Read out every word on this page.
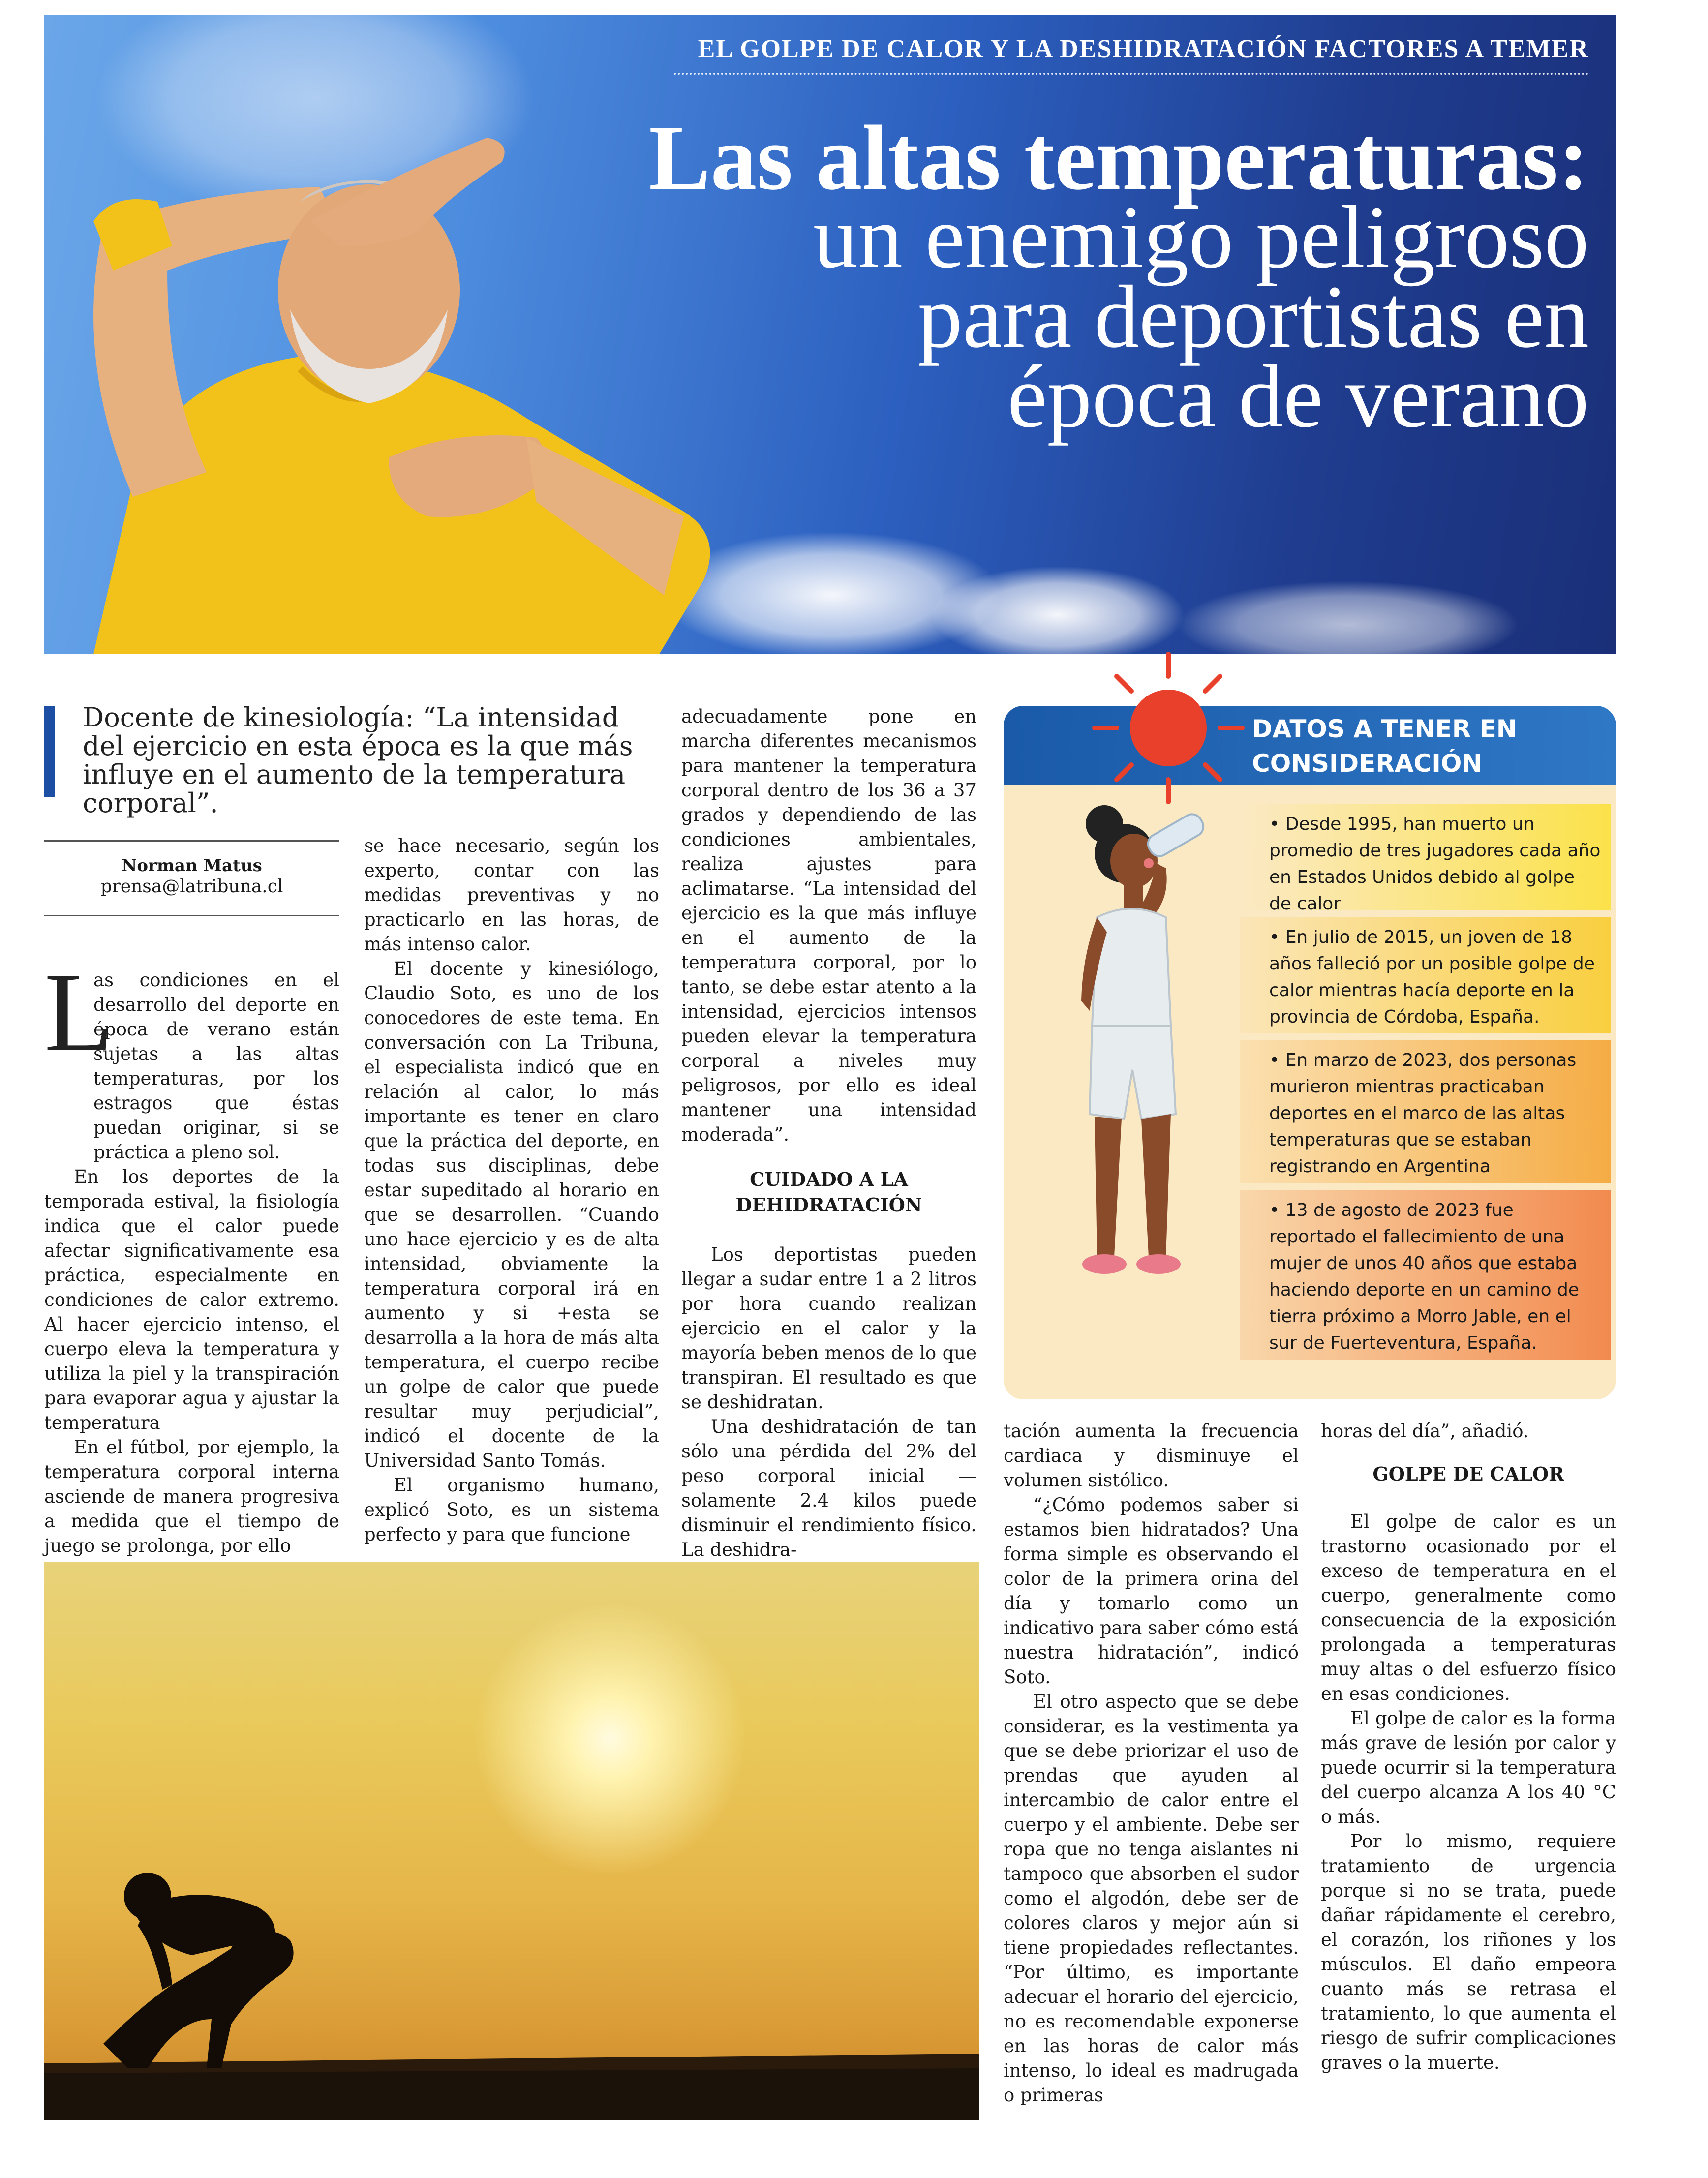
EL GOLPE DE CALOR Y LA DESHIDRATACIÓN FACTORES A TEMER
Las altas temperaturas:
un enemigo peligroso
para deportistas en
época de verano
Docente de kinesiología: “La intensidad del ejercicio en esta época es la que más influye en el aumento de la temperatura corporal”.
Norman Matus
prensa@latribuna.cl
L

as condiciones en el desarrollo del deporte en época de verano están sujetas a las altas temperaturas, por los estragos que éstas puedan originar, si se práctica a pleno sol.

En los deportes de la temporada estival, la fisiología indica que el calor puede afectar significativamente esa práctica, especialmente en condiciones de calor extremo. Al hacer ejercicio intenso, el cuerpo eleva la temperatura y utiliza la piel y la transpiración para evaporar agua y ajustar la temperatura

En el fútbol, por ejemplo, la temperatura corporal interna asciende de manera progresiva a medida que el tiempo de juego se prolonga, por ello

se hace necesario, según los experto, contar con las medidas preventivas y no practicarlo en las horas, de más intenso calor.

El docente y kinesiólogo, Claudio Soto, es uno de los conocedores de este tema. En conversación con La Tribuna, el especialista indicó que en relación al calor, lo más importante es tener en claro que la práctica del deporte, en todas sus disciplinas, debe estar supeditado al horario en que se desarrollen. “Cuando uno hace ejercicio y es de alta intensidad, obviamente la temperatura corporal irá en aumento y si +esta se desarrolla a la hora de más alta temperatura, el cuerpo recibe un golpe de calor que puede resultar muy perjudicial”, indicó el docente de la Universidad Santo Tomás.

El organismo humano, explicó Soto, es un sistema perfecto y para que funcione

adecuadamente pone en marcha diferentes mecanismos para mantener la temperatura corporal dentro de los 36 a 37 grados y dependiendo de las condiciones ambientales, realiza ajustes para aclimatarse. “La intensidad del ejercicio es la que más influye en el aumento de la temperatura corporal, por lo tanto, se debe estar atento a la intensidad, ejercicios intensos pueden elevar la temperatura corporal a niveles muy peligrosos, por ello es ideal mantener una intensidad moderada”.

CUIDADO A LA DEHIDRATACIÓN

Los deportistas pueden llegar a sudar entre 1 a 2 litros por hora cuando realizan ejercicio en el calor y la mayoría beben menos de lo que transpiran. El resultado es que se deshidratan.

Una deshidratación de tan sólo una pérdida del 2% del peso corporal inicial — solamente 2.4 kilos puede disminuir el rendimiento físico. La deshidra-

tación aumenta la frecuencia cardiaca y disminuye el volumen sistólico.

“¿Cómo podemos saber si estamos bien hidratados? Una forma simple es observando el color de la primera orina del día y tomarlo como un indicativo para saber cómo está nuestra hidratación”, indicó Soto.

El otro aspecto que se debe considerar, es la vestimenta ya que se debe priorizar el uso de prendas que ayuden al intercambio de calor entre el cuerpo y el ambiente. Debe ser ropa que no tenga aislantes ni tampoco que absorben el sudor como el algodón, debe ser de colores claros y mejor aún si tiene propiedades reflectantes. “Por último, es importante adecuar el horario del ejercicio, no es recomendable exponerse en las horas de calor más intenso, lo ideal es madrugada o primeras

horas del día”, añadió.

GOLPE DE CALOR

El golpe de calor es un trastorno ocasionado por el exceso de temperatura en el cuerpo, generalmente como consecuencia de la exposición prolongada a temperaturas muy altas o del esfuerzo físico en esas condiciones.

El golpe de calor es la forma más grave de lesión por calor y puede ocurrir si la temperatura del cuerpo alcanza A los 40 °C o más.

Por lo mismo, requiere tratamiento de urgencia porque si no se trata, puede dañar rápidamente el cerebro, el corazón, los riñones y los músculos. El daño empeora cuanto más se retrasa el tratamiento, lo que aumenta el riesgo de sufrir complicaciones graves o la muerte.

DATOS A TENER EN CONSIDERACIÓN
• Desde 1995, han muerto un promedio de tres jugadores cada año en Estados Unidos debido al golpe de calor
• En julio de 2015, un joven de 18 años falleció por un posible golpe de calor mientras hacía deporte en la provincia de Córdoba, España.
• En marzo de 2023, dos personas murieron mientras practicaban deportes en el marco de las altas temperaturas que se estaban registrando en Argentina
• 13 de agosto de 2023 fue reportado el fallecimiento de una mujer de unos 40 años que estaba haciendo deporte en un camino de tierra próximo a Morro Jable, en el sur de Fuerteventura, España.
